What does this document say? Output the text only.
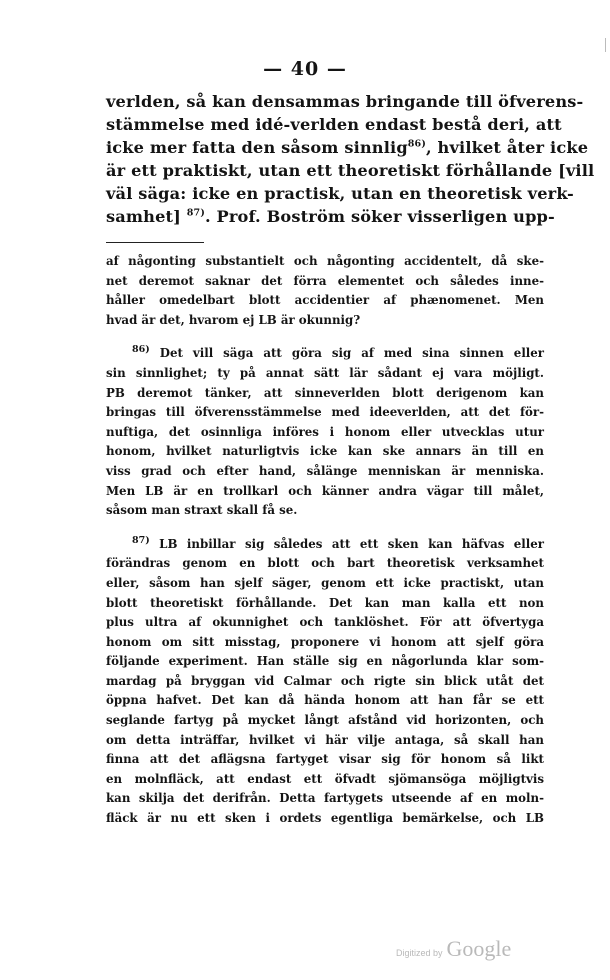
— 40 —
verlden, så kan densammas bringande till öfverens-
stämmelse med idé-verlden endast bestå deri, att
icke mer fatta den såsom sinnlig$^{86)}$, hvilket åter icke
är ett praktiskt, utan ett theoretiskt förhållande [vill
väl säga: icke en practisk, utan en theoretisk verk-
samhet] $^{87)}$. Prof. Boström söker visserligen upp-
af någonting substantielt och någonting accidentelt, då ske-
net deremot saknar det förra elementet och således inne-
håller omedelbart blott accidentier af phænomenet. Men
hvad är det, hvarom ej LB är okunnig?
$^{86)}$ Det vill säga att göra sig af med sina sinnen eller
sin sinnlighet; ty på annat sätt lär sådant ej vara möjligt.
PB deremot tänker, att sinneverlden blott derigenom kan
bringas till öfverensstämmelse med ideeverlden, att det för-
nuftiga, det osinnliga införes i honom eller utvecklas utur
honom, hvilket naturligtvis icke kan ske annars än till en
viss grad och efter hand, sålänge menniskan är menniska.
Men LB är en trollkarl och känner andra vägar till målet,
såsom man straxt skall få se.
$^{87)}$ LB inbillar sig således att ett sken kan häfvas eller
förändras genom en blott och bart theoretisk verksamhet
eller, såsom han sjelf säger, genom ett icke practiskt, utan
blott theoretiskt förhållande. Det kan man kalla ett non
plus ultra af okunnighet och tanklöshet. För att öfvertyga
honom om sitt misstag, proponere vi honom att sjelf göra
följande experiment. Han ställe sig en någorlunda klar som-
mardag på bryggan vid Calmar och rigte sin blick utåt det
öppna hafvet. Det kan då hända honom att han får se ett
seglande fartyg på mycket långt afstånd vid horizonten, och
om detta inträffar, hvilket vi här vilje antaga, så skall han
finna att det aflägsna fartyget visar sig för honom så likt
en molnfläck, att endast ett öfvadt sjömansöga möjligtvis
kan skilja det derifrån. Detta fartygets utseende af en moln-
fläck är nu ett sken i ordets egentliga bemärkelse, och LB
Digitized by Google
